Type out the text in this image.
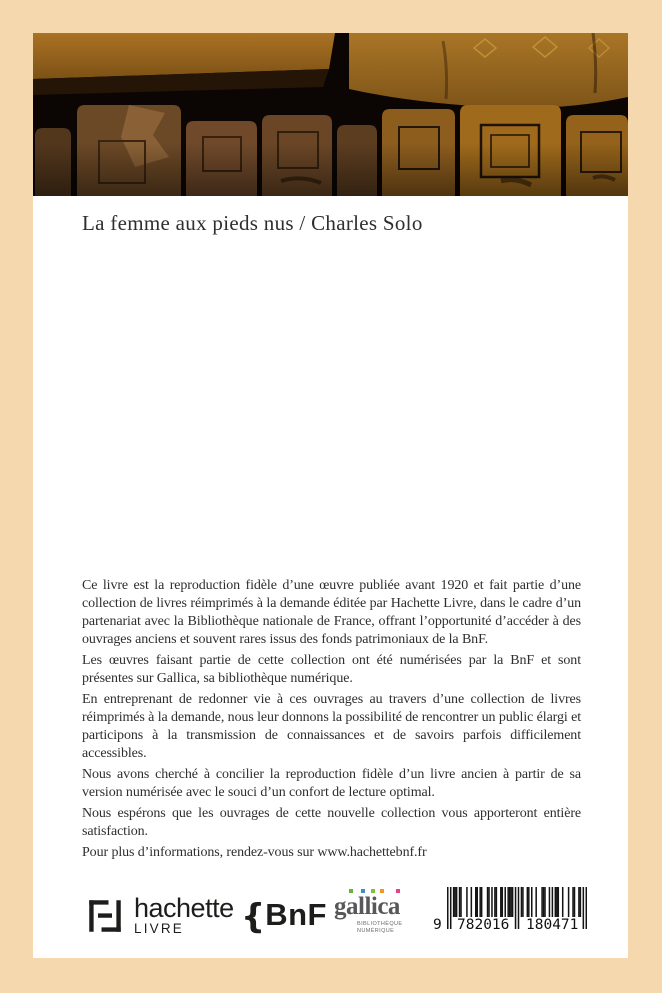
La femme aux pieds nus / Charles Solo

Ce livre est la reproduction fidèle d’une œuvre publiée avant 1920 et fait partie d’une collection de livres réimprimés à la demande éditée par Hachette Livre, dans le cadre d’un partenariat avec la Bibliothèque nationale de France, offrant l’opportunité d’accéder à des ouvrages anciens et souvent rares issus des fonds patrimoniaux de la BnF.

Les œuvres faisant partie de cette collection ont été numérisées par la BnF et sont présentes sur Gallica, sa bibliothèque numérique.

En entreprenant de redonner vie à ces ouvrages au travers d’une collection de livres réimprimés à la demande, nous leur donnons la possibilité de rencontrer un public élargi et participons à la transmission de connaissances et de savoirs parfois difficilement accessibles.

Nous avons cherché à concilier la reproduction fidèle d’un livre ancien à partir de sa version numérisée avec le souci d’un confort de lecture optimal.

Nous espérons que les ouvrages de cette nouvelle collection vous apporteront entière satisfaction.

Pour plus d’informations, rendez-vous sur www.hachettebnf.fr

hachette
LIVRE	{BnF gallica
BIBLIOTHÈQUE
NUMÉRIQUE	9 782016 180471
